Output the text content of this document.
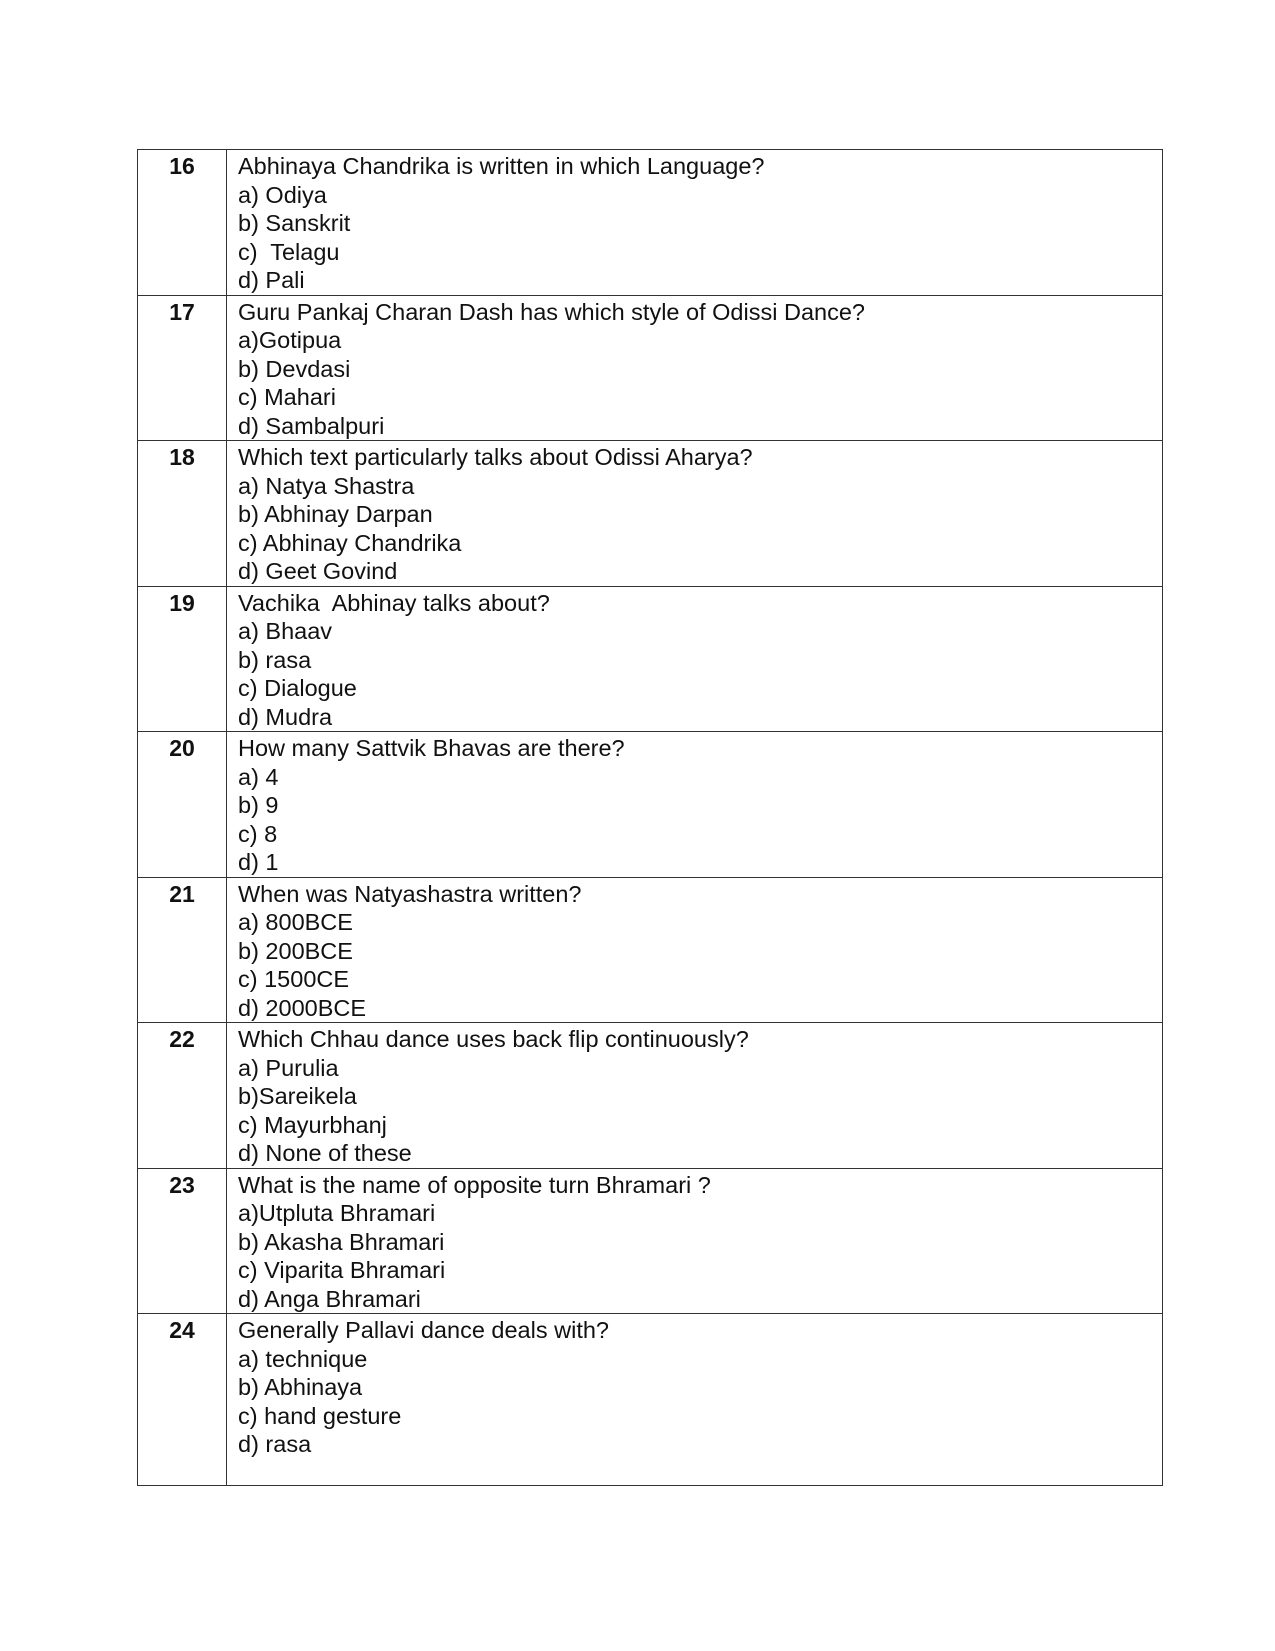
16	Abhinaya Chandrika is written in which Language?
a) Odiya
b) Sanskrit
c)  Telagu
d) Pali

17	Guru Pankaj Charan Dash has which style of Odissi Dance?
a)Gotipua
b) Devdasi
c) Mahari
d) Sambalpuri

18	Which text particularly talks about Odissi Aharya?
a) Natya Shastra
b) Abhinay Darpan
c) Abhinay Chandrika
d) Geet Govind

19	Vachika  Abhinay talks about?
a) Bhaav
b) rasa
c) Dialogue
d) Mudra

20	How many Sattvik Bhavas are there?
a) 4
b) 9
c) 8
d) 1

21	When was Natyashastra written?
a) 800BCE
b) 200BCE
c) 1500CE
d) 2000BCE

22	Which Chhau dance uses back flip continuously?
a) Purulia
b)Sareikela
c) Mayurbhanj
d) None of these

23	What is the name of opposite turn Bhramari ?
a)Utpluta Bhramari
b) Akasha Bhramari
c) Viparita Bhramari
d) Anga Bhramari

24	Generally Pallavi dance deals with?
a) technique
b) Abhinaya
c) hand gesture
d) rasa
